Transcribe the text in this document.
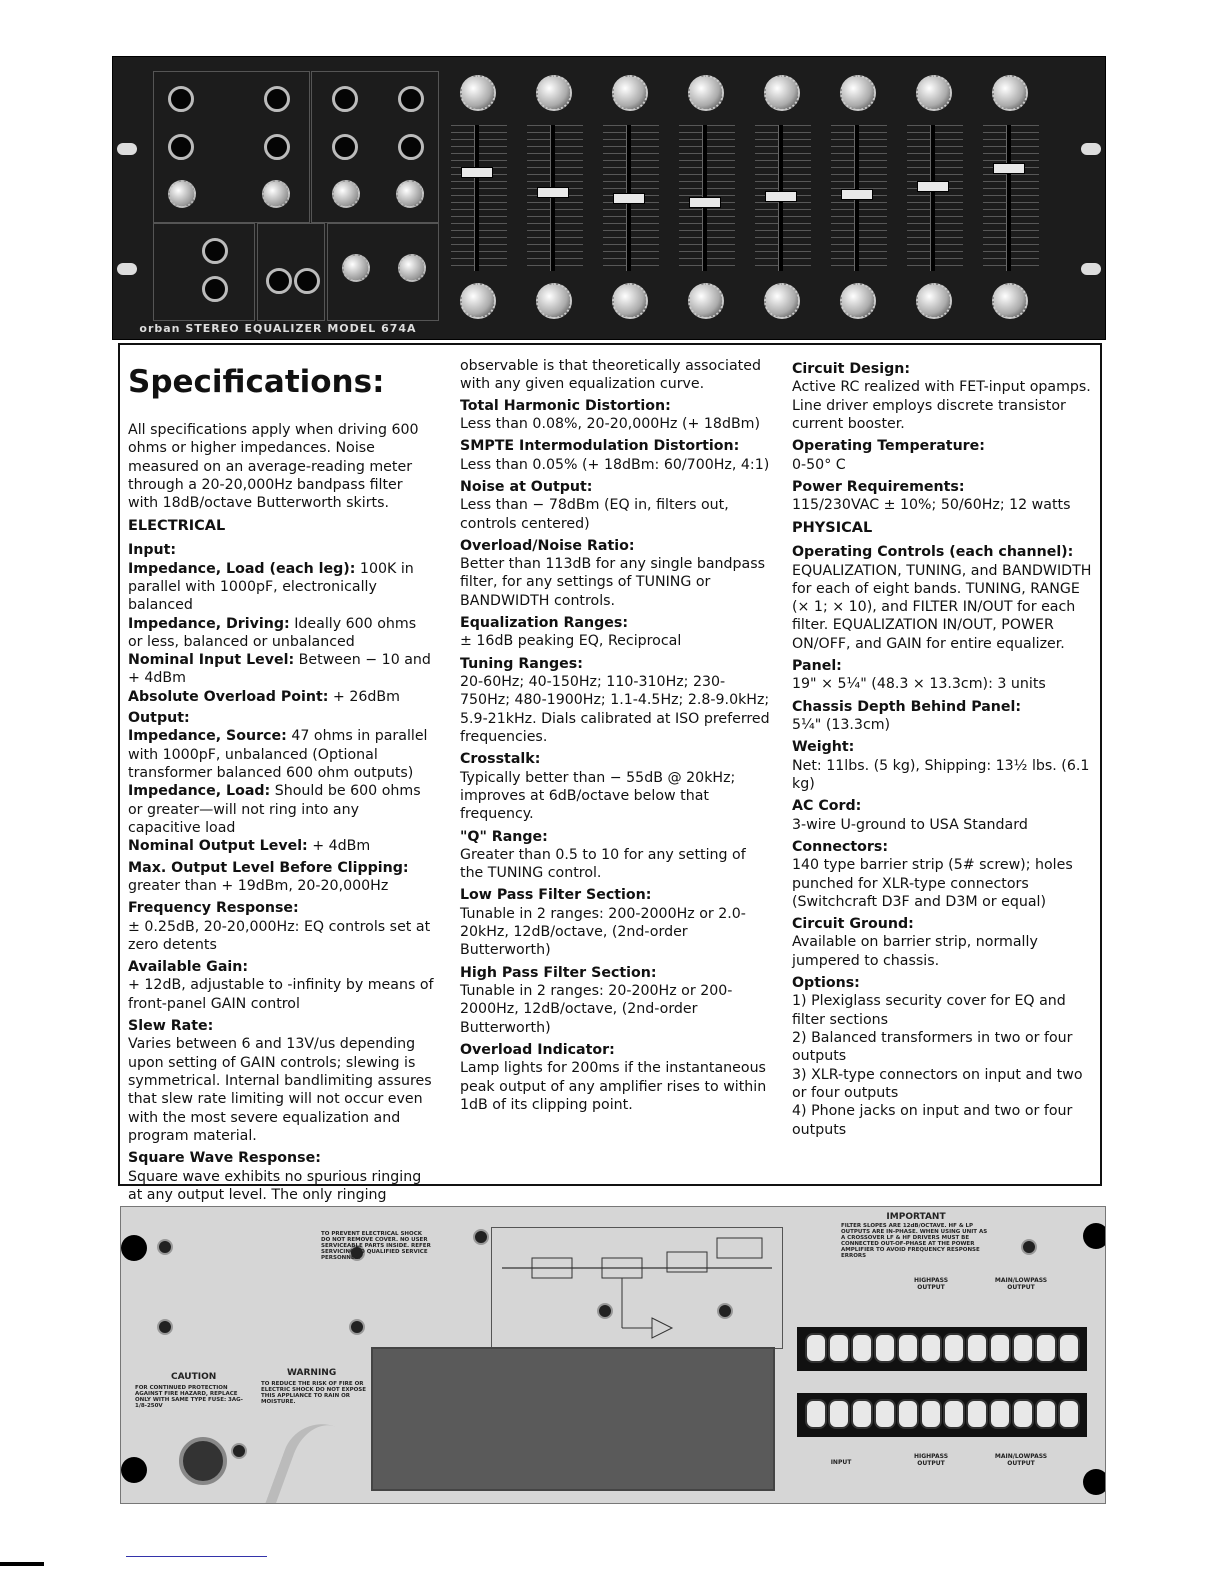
orban STEREO EQUALIZER MODEL 674A
Specifications:

All specifications apply when driving 600 ohms or higher impedances. Noise measured on an average-reading meter through a 20-20,000Hz bandpass filter with 18dB/octave Butterworth skirts.

ELECTRICAL
Input:

Impedance, Load (each leg): 100K in parallel with 1000pF, electronically balanced

Impedance, Driving: Ideally 600 ohms or less, balanced or unbalanced

Nominal Input Level: Between − 10 and + 4dBm

Absolute Overload Point: + 26dBm

Output:

Impedance, Source: 47 ohms in parallel with 1000pF, unbalanced (Optional transformer balanced 600 ohm outputs)

Impedance, Load: Should be 600 ohms or greater—will not ring into any capacitive load

Nominal Output Level: + 4dBm

Max. Output Level Before Clipping:

greater than + 19dBm, 20-20,000Hz

Frequency Response:

± 0.25dB, 20-20,000Hz: EQ controls set at zero detents

Available Gain:

+ 12dB, adjustable to -infinity by means of front-panel GAIN control

Slew Rate:

Varies between 6 and 13V/us depending upon setting of GAIN controls; slewing is symmetrical. Internal bandlimiting assures that slew rate limiting will not occur even with the most severe equalization and program material.

Square Wave Response:

Square wave exhibits no spurious ringing at any output level. The only ringing

observable is that theoretically associated with any given equalization curve.

Total Harmonic Distortion:

Less than 0.08%, 20-20,000Hz (+ 18dBm)

SMPTE Intermodulation Distortion:

Less than 0.05% (+ 18dBm: 60/700Hz, 4:1)

Noise at Output:

Less than − 78dBm (EQ in, filters out, controls centered)

Overload/Noise Ratio:

Better than 113dB for any single bandpass filter, for any settings of TUNING or BANDWIDTH controls.

Equalization Ranges:

± 16dB peaking EQ, Reciprocal

Tuning Ranges:

20-60Hz; 40-150Hz; 110-310Hz; 230-750Hz; 480-1900Hz; 1.1-4.5Hz; 2.8-9.0kHz; 5.9-21kHz. Dials calibrated at ISO preferred frequencies.

Crosstalk:

Typically better than − 55dB @ 20kHz; improves at 6dB/octave below that frequency.

"Q" Range:

Greater than 0.5 to 10 for any setting of the TUNING control.

Low Pass Filter Section:

Tunable in 2 ranges: 200-2000Hz or 2.0-20kHz, 12dB/octave, (2nd-order Butterworth)

High Pass Filter Section:

Tunable in 2 ranges: 20-200Hz or 200-2000Hz, 12dB/octave, (2nd-order Butterworth)

Overload Indicator:

Lamp lights for 200ms if the instantaneous peak output of any amplifier rises to within 1dB of its clipping point.

Circuit Design:

Active RC realized with FET-input opamps. Line driver employs discrete transistor current booster.

Operating Temperature:

0-50° C

Power Requirements:

115/230VAC ± 10%; 50/60Hz; 12 watts

PHYSICAL
Operating Controls (each channel):

EQUALIZATION, TUNING, and BANDWIDTH for each of eight bands. TUNING, RANGE (× 1; × 10), and FILTER IN/OUT for each filter. EQUALIZATION IN/OUT, POWER ON/OFF, and GAIN for entire equalizer.

Panel:

19" × 5¼" (48.3 × 13.3cm): 3 units

Chassis Depth Behind Panel:

5¼" (13.3cm)

Weight:

Net: 11lbs. (5 kg), Shipping: 13½ lbs. (6.1 kg)

AC Cord:

3-wire U-ground to USA Standard

Connectors:

140 type barrier strip (5# screw); holes punched for XLR-type connectors (Switchcraft D3F and D3M or equal)

Circuit Ground:

Available on barrier strip, normally jumpered to chassis.

Options:

1) Plexiglass security cover for EQ and filter sections

2) Balanced transformers in two or four outputs

3) XLR-type connectors on input and two or four outputs

4) Phone jacks on input and two or four outputs

TO PREVENT ELECTRICAL SHOCK DO NOT REMOVE COVER. NO USER SERVICEABLE PARTS INSIDE. REFER SERVICING TO QUALIFIED SERVICE PERSONNEL.
IMPORTANT
FILTER SLOPES ARE 12dB/OCTAVE. HF & LP OUTPUTS ARE IN-PHASE. WHEN USING UNIT AS A CROSSOVER LF & HF DRIVERS MUST BE CONNECTED OUT-OF-PHASE AT THE POWER AMPLIFIER TO AVOID FREQUENCY RESPONSE ERRORS
HIGHPASS OUTPUT
MAIN/LOWPASS OUTPUT
INPUT
HIGHPASS OUTPUT
MAIN/LOWPASS OUTPUT
CAUTION
FOR CONTINUED PROTECTION AGAINST FIRE HAZARD, REPLACE ONLY WITH SAME TYPE FUSE: 3AG-1/8-250V
WARNING
TO REDUCE THE RISK OF FIRE OR ELECTRIC SHOCK DO NOT EXPOSE THIS APPLIANCE TO RAIN OR MOISTURE.
